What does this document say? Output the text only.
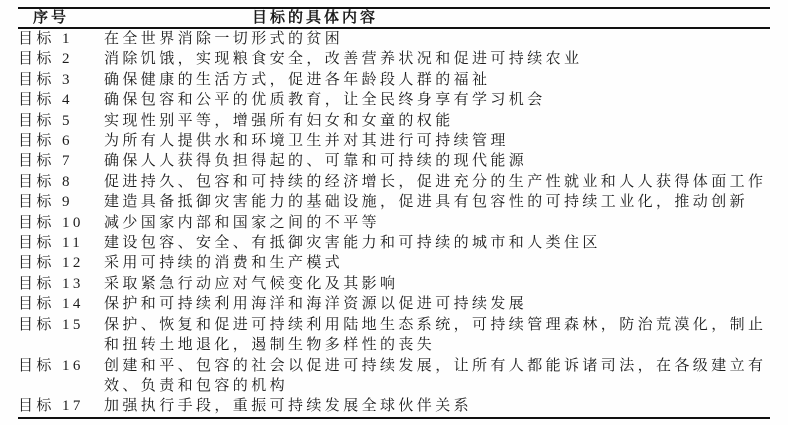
序号	目标的具体内容
目标 1	在全世界消除一切形式的贫困
目标 2	消除饥饿，实现粮食安全，改善营养状况和促进可持续农业
目标 3	确保健康的生活方式，促进各年龄段人群的福祉
目标 4	确保包容和公平的优质教育，让全民终身享有学习机会
目标 5	实现性别平等，增强所有妇女和女童的权能
目标 6	为所有人提供水和环境卫生并对其进行可持续管理
目标 7	确保人人获得负担得起的、可靠和可持续的现代能源
目标 8	促进持久、包容和可持续的经济增长，促进充分的生产性就业和人人获得体面工作
目标 9	建造具备抵御灾害能力的基础设施，促进具有包容性的可持续工业化，推动创新
目标 10	减少国家内部和国家之间的不平等
目标 11	建设包容、安全、有抵御灾害能力和可持续的城市和人类住区
目标 12	采用可持续的消费和生产模式
目标 13	采取紧急行动应对气候变化及其影响
目标 14	保护和可持续利用海洋和海洋资源以促进可持续发展
目标 15	保护、恢复和促进可持续利用陆地生态系统，可持续管理森林，防治荒漠化，制止和扭转土地退化，遏制生物多样性的丧失
目标 16	创建和平、包容的社会以促进可持续发展，让所有人都能诉诸司法，在各级建立有效、负责和包容的机构
目标 17	加强执行手段，重振可持续发展全球伙伴关系
